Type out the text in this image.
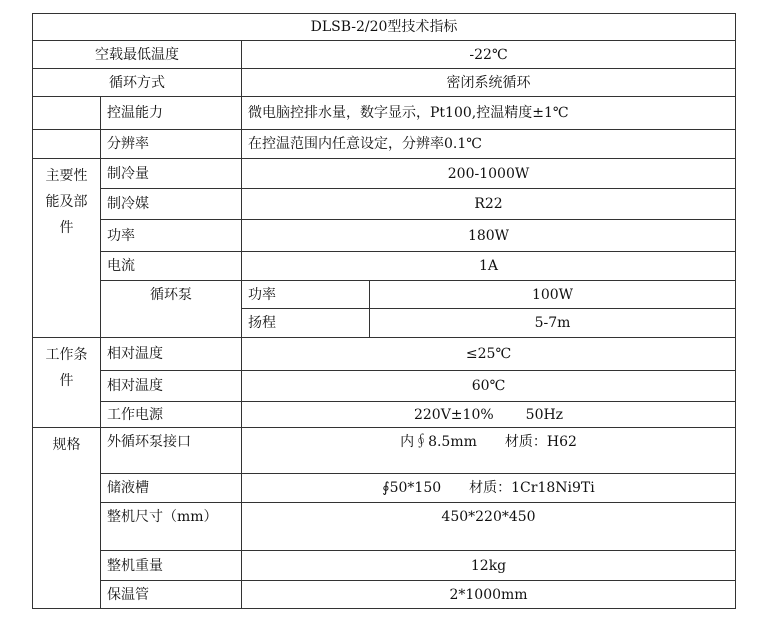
DLSB-2/20型技术指标			
空载最低温度		-22℃	
循环方式		密闭系统循环	
	控温能力	微电脑控排水量，数字显示，Pt100,控温精度±1℃	
	分辨率	在控温范围内任意设定，分辨率0.1℃	
主要性能及部件	制冷量	200-1000W	
	制冷媒	R22	
	功率	180W	
	电流	1A	
	循环泵	功率	100W
		扬程	5-7m
工作条件	相对温度	≤25℃	
	相对温度	60℃	
	工作电源	220V±10% 50Hz	
规格	外循环泵接口	内∮8.5mm 材质：H62	
	储液槽	∮50*150 材质：1Cr18Ni9Ti	
	整机尺寸（mm）	450*220*450	
	整机重量	12kg	
	保温管	2*1000mm	
